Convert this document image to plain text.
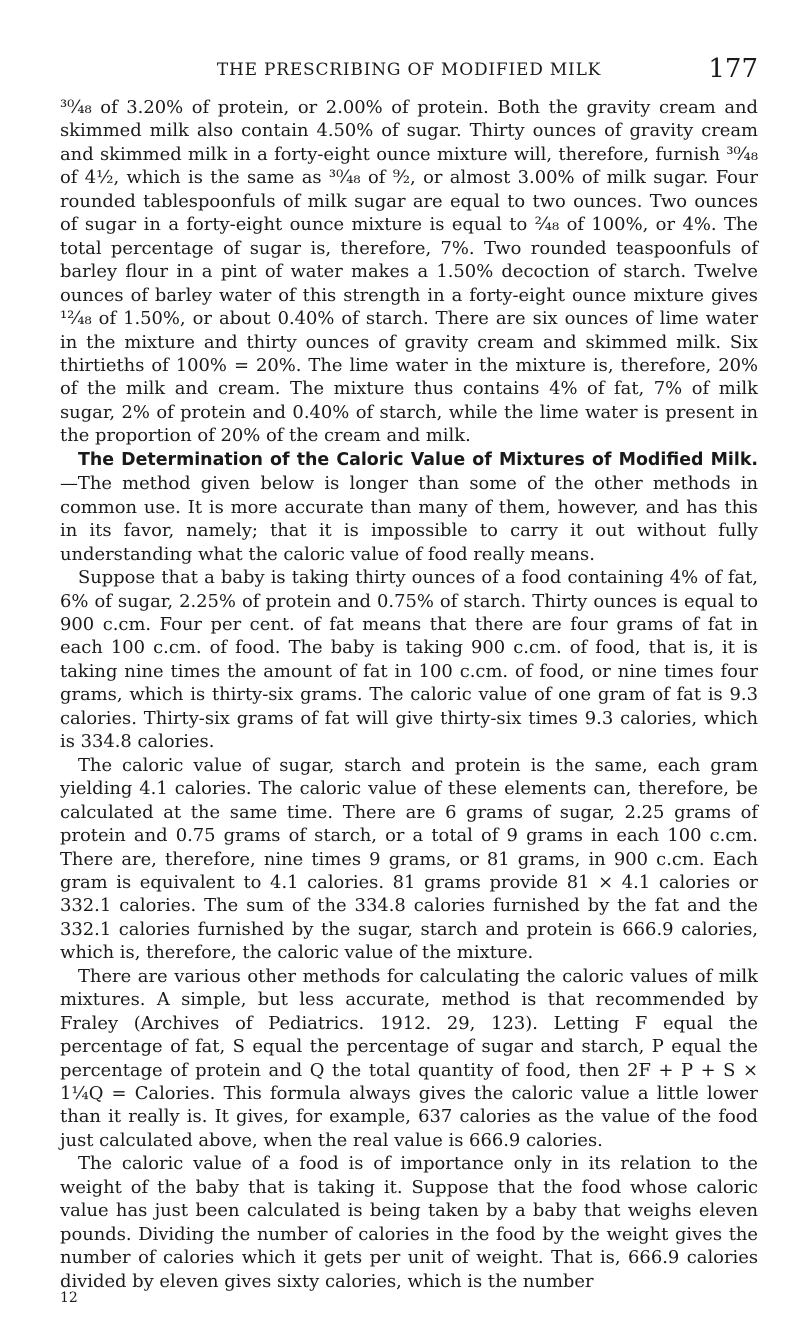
THE PRESCRIBING OF MODIFIED MILK	177

³⁰⁄₄₈ of 3.20% of protein, or 2.00% of protein. Both the gravity cream and skimmed milk also contain 4.50% of sugar. Thirty ounces of gravity cream and skimmed milk in a forty-eight ounce mixture will, therefore, furnish ³⁰⁄₄₈ of 4½, which is the same as ³⁰⁄₄₈ of ⁹⁄₂, or almost 3.00% of milk sugar. Four rounded tablespoonfuls of milk sugar are equal to two ounces. Two ounces of sugar in a forty-eight ounce mixture is equal to ²⁄₄₈ of 100%, or 4%. The total percentage of sugar is, therefore, 7%. Two rounded teaspoonfuls of barley flour in a pint of water makes a 1.50% decoction of starch. Twelve ounces of barley water of this strength in a forty-eight ounce mixture gives ¹²⁄₄₈ of 1.50%, or about 0.40% of starch. There are six ounces of lime water in the mixture and thirty ounces of gravity cream and skimmed milk. Six thirtieths of 100% = 20%. The lime water in the mixture is, therefore, 20% of the milk and cream. The mixture thus contains 4% of fat, 7% of milk sugar, 2% of protein and 0.40% of starch, while the lime water is present in the proportion of 20% of the cream and milk.

The Determination of the Caloric Value of Mixtures of Modified Milk.—The method given below is longer than some of the other methods in common use. It is more accurate than many of them, however, and has this in its favor, namely; that it is impossible to carry it out without fully understanding what the caloric value of food really means.

Suppose that a baby is taking thirty ounces of a food containing 4% of fat, 6% of sugar, 2.25% of protein and 0.75% of starch. Thirty ounces is equal to 900 c.cm. Four per cent. of fat means that there are four grams of fat in each 100 c.cm. of food. The baby is taking 900 c.cm. of food, that is, it is taking nine times the amount of fat in 100 c.cm. of food, or nine times four grams, which is thirty-six grams. The caloric value of one gram of fat is 9.3 calories. Thirty-six grams of fat will give thirty-six times 9.3 calories, which is 334.8 calories.

The caloric value of sugar, starch and protein is the same, each gram yielding 4.1 calories. The caloric value of these elements can, therefore, be calculated at the same time. There are 6 grams of sugar, 2.25 grams of protein and 0.75 grams of starch, or a total of 9 grams in each 100 c.cm. There are, therefore, nine times 9 grams, or 81 grams, in 900 c.cm. Each gram is equivalent to 4.1 calories. 81 grams provide 81 × 4.1 calories or 332.1 calories. The sum of the 334.8 calories furnished by the fat and the 332.1 calories furnished by the sugar, starch and protein is 666.9 calories, which is, therefore, the caloric value of the mixture.

There are various other methods for calculating the caloric values of milk mixtures. A simple, but less accurate, method is that recommended by Fraley (Archives of Pediatrics. 1912. 29, 123). Letting F equal the percentage of fat, S equal the percentage of sugar and starch, P equal the percentage of protein and Q the total quantity of food, then 2F + P + S × 1¼Q = Calories. This formula always gives the caloric value a little lower than it really is. It gives, for example, 637 calories as the value of the food just calculated above, when the real value is 666.9 calories.

The caloric value of a food is of importance only in its relation to the weight of the baby that is taking it. Suppose that the food whose caloric value has just been calculated is being taken by a baby that weighs eleven pounds. Dividing the number of calories in the food by the weight gives the number of calories which it gets per unit of weight. That is, 666.9 calories divided by eleven gives sixty calories, which is the number

12
